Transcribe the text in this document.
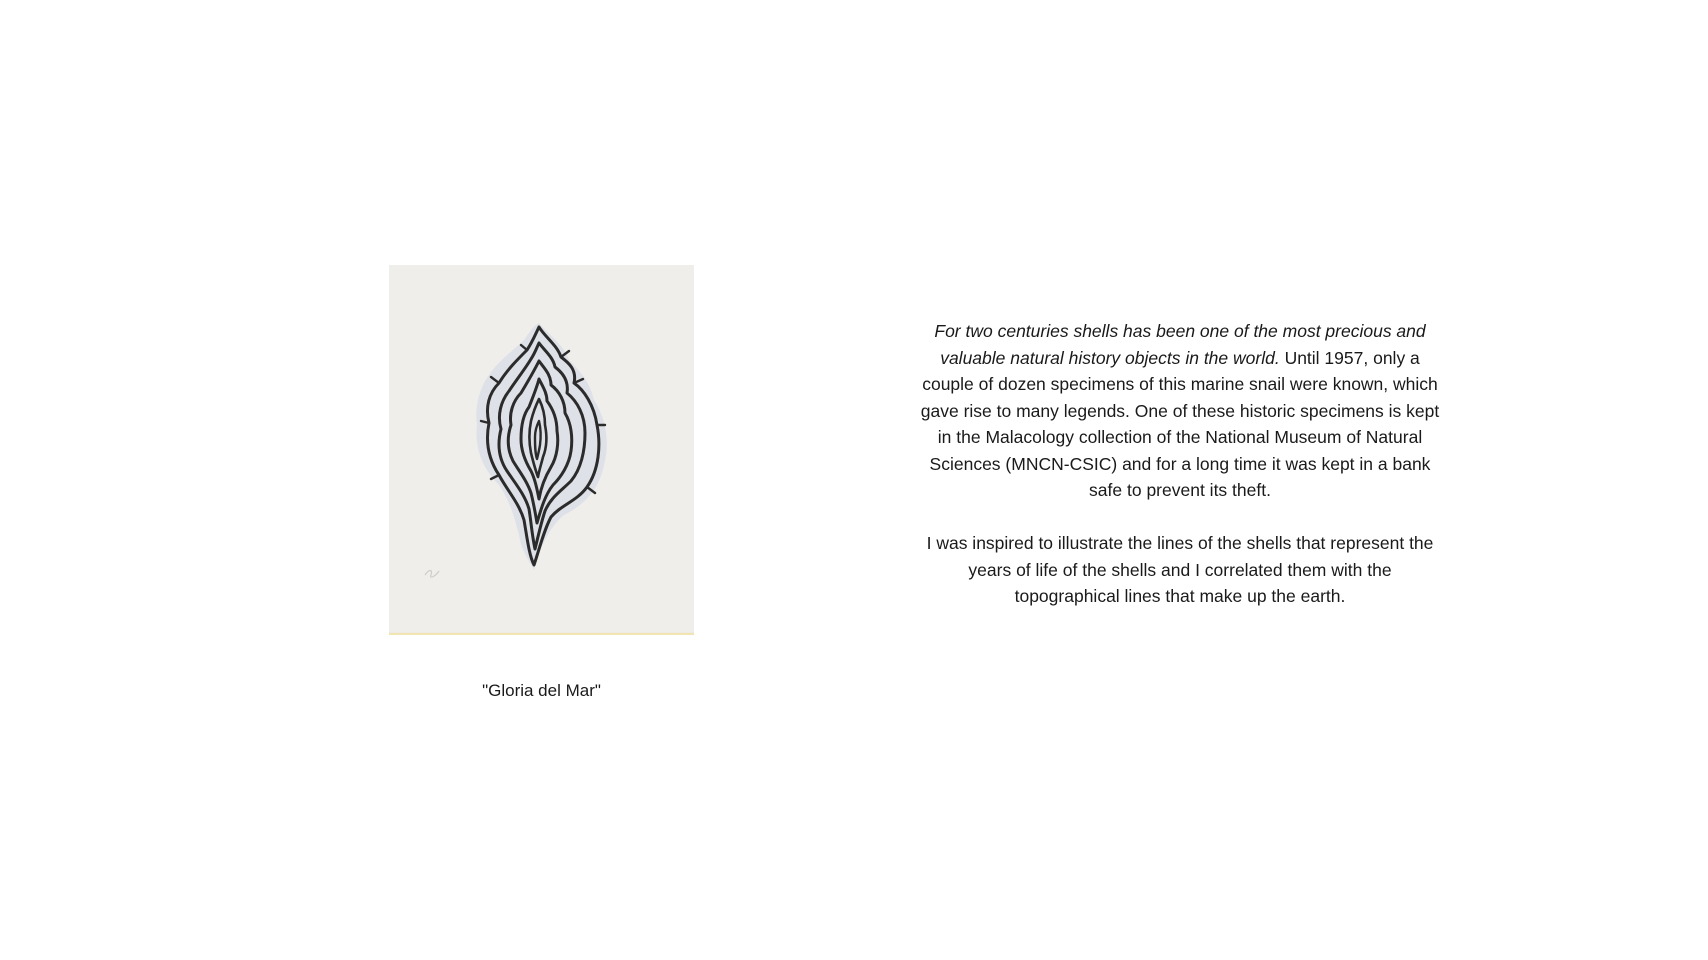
"Gloria del Mar"

For two centuries shells has been one of the most precious and valuable natural history objects in the world. Until 1957, only a couple of dozen specimens of this marine snail were known, which gave rise to many legends. One of these historic specimens is kept in the Malacology collection of the National Museum of Natural Sciences (MNCN-CSIC) and for a long time it was kept in a bank safe to prevent its theft.

I was inspired to illustrate the lines of the shells that represent the years of life of the shells and I correlated them with the topographical lines that make up the earth.
